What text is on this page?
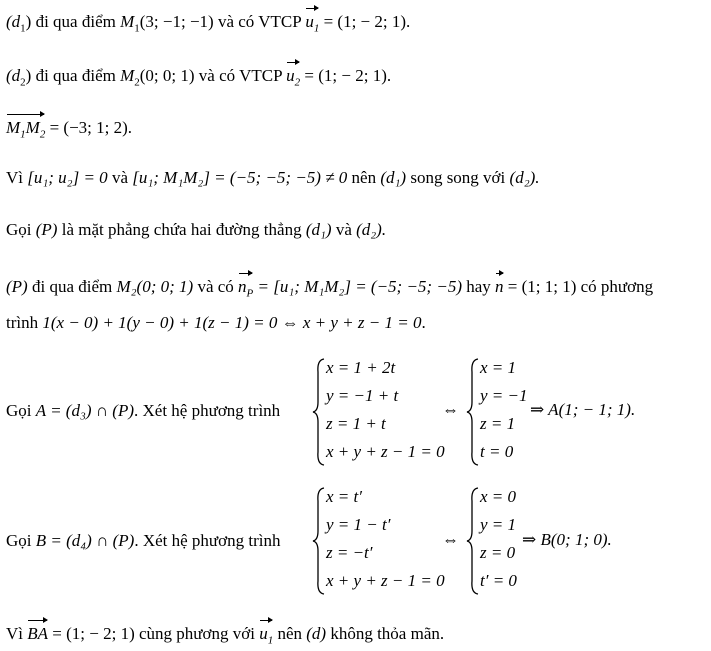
$(d_1)$ đi qua điểm $M_1(3$; −1; −1) và có VTCP $u_1 = (1$; − 2; 1).
$(d_2)$ đi qua điểm $M_2(0$; 0; 1) và có VTCP $u_2 = (1$; − 2; 1).
$M_1M_2 = (-3$; 1; 2).
Vì [u₁; u₂] = 0 và [u₁; M₁M₂] = (−5; −5; −5) ≠ 0 nên (d₁) song song với (d₂).
Gọi (P) là mặt phẳng chứa hai đường thẳng (d₁) và (d₂).
(P) đi qua điểm M₂(0; 0; 1) và có $n_P = [u_1$; M₁M₂] = (−5; −5; −5) hay n = (1; 1; 1) có phương
trình 1(x − 0) + 1(y − 0) + 1(z − 1) = 0 ⇔ x + y + z − 1 = 0.
Gọi A = (d₃) ∩ (P). Xét hệ phương trình
x = 1 + 2t
y = −1 + t
z = 1 + t
x + y + z − 1 = 0
⇔
x = 1
y = −1
z = 1
t = 0
⇒ A(1; − 1; 1).
Gọi B = (d₄) ∩ (P). Xét hệ phương trình
x = t′
y = 1 − t′
z = −t′
x + y + z − 1 = 0
⇔
x = 0
y = 1
z = 0
t′ = 0
⇒ B(0; 1; 0).
Vì BA = (1; − 2; 1) cùng phương với $u_1$ nên (d) không thỏa mãn.
